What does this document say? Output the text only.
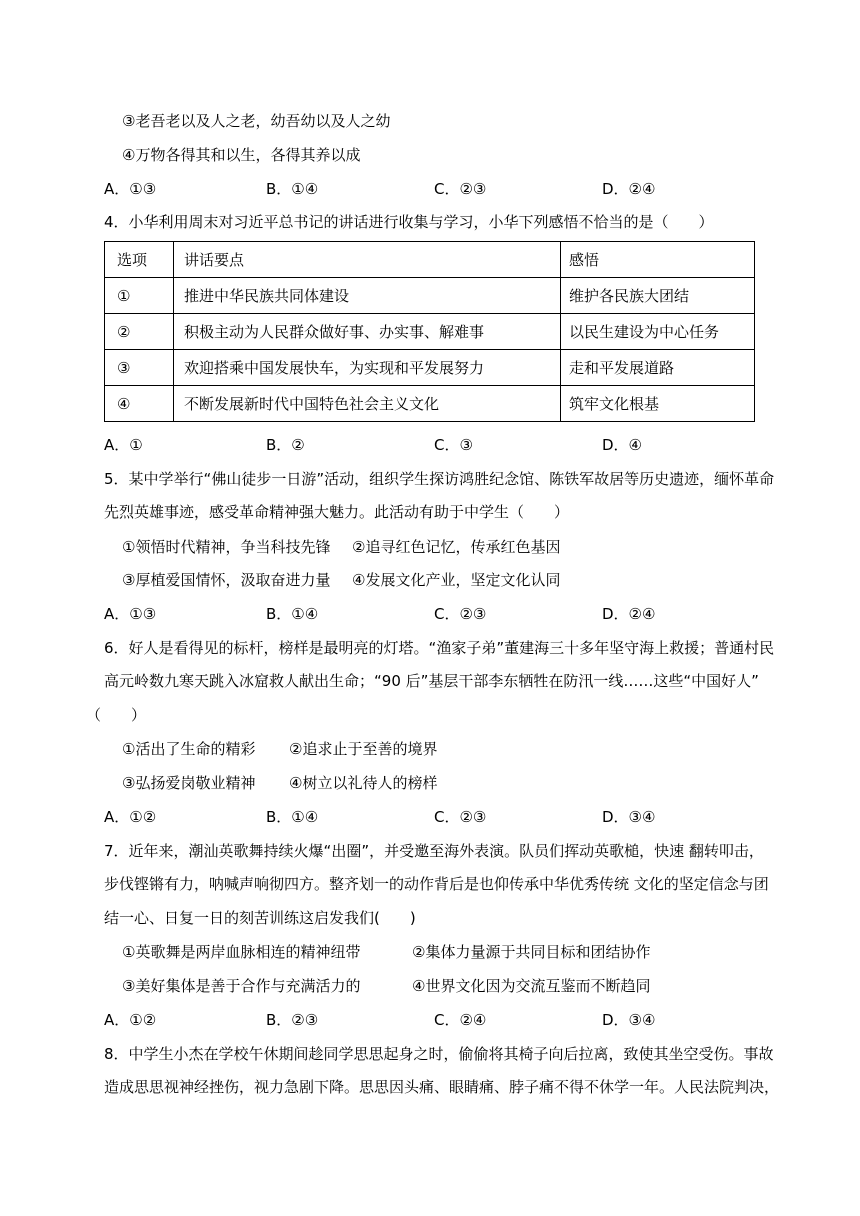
③老吾老以及人之老，幼吾幼以及人之幼
④万物各得其和以生，各得其养以成
A．①③	B．①④	C．②③	D．②④
4．小华利用周末对习近平总书记的讲话进行收集与学习，小华下列感悟不恰当的是（　　）
选项	讲话要点	感悟
①	推进中华民族共同体建设	维护各民族大团结
②	积极主动为人民群众做好事、办实事、解难事	以民生建设为中心任务
③	欢迎搭乘中国发展快车，为实现和平发展努力	走和平发展道路
④	不断发展新时代中国特色社会主义文化	筑牢文化根基
A．①	B．②	C．③	D．④
5．某中学举行“佛山徒步一日游”活动，组织学生探访鸿胜纪念馆、陈铁军故居等历史遗迹，缅怀革命
先烈英雄事迹，感受革命精神强大魅力。此活动有助于中学生（　　）
①领悟时代精神，争当科技先锋 ②追寻红色记忆，传承红色基因
③厚植爱国情怀，汲取奋进力量 ④发展文化产业，坚定文化认同
A．①③	B．①④	C．②③	D．②④
6．好人是看得见的标杆，榜样是最明亮的灯塔。“渔家子弟”董建海三十多年坚守海上救援；普通村民
高元岭数九寒天跳入冰窟救人献出生命；“90 后”基层干部李东牺牲在防汛一线……这些“中国好人”
（　　）
①活出了生命的精彩 ②追求止于至善的境界
③弘扬爱岗敬业精神 ④树立以礼待人的榜样
A．①②	B．①④	C．②③	D．③④
7．近年来，潮汕英歌舞持续火爆“出圈”，并受邀至海外表演。队员们挥动英歌槌，快速 翻转叩击，
步伐铿锵有力，呐喊声响彻四方。整齐划一的动作背后是也仰传承中华优秀传统 文化的坚定信念与团
结一心、日复一日的刻苦训练这启发我们(　　)
①英歌舞是两岸血脉相连的精神纽带	②集体力量源于共同目标和团结协作
③美好集体是善于合作与充满活力的	④世界文化因为交流互鉴而不断趋同
A．①②	B．②③	C．②④	D．③④
8．中学生小杰在学校午休期间趁同学思思起身之时，偷偷将其椅子向后拉离，致使其坐空受伤。事故
造成思思视神经挫伤，视力急剧下降。思思因头痛、眼睛痛、脖子痛不得不休学一年。人民法院判决，
